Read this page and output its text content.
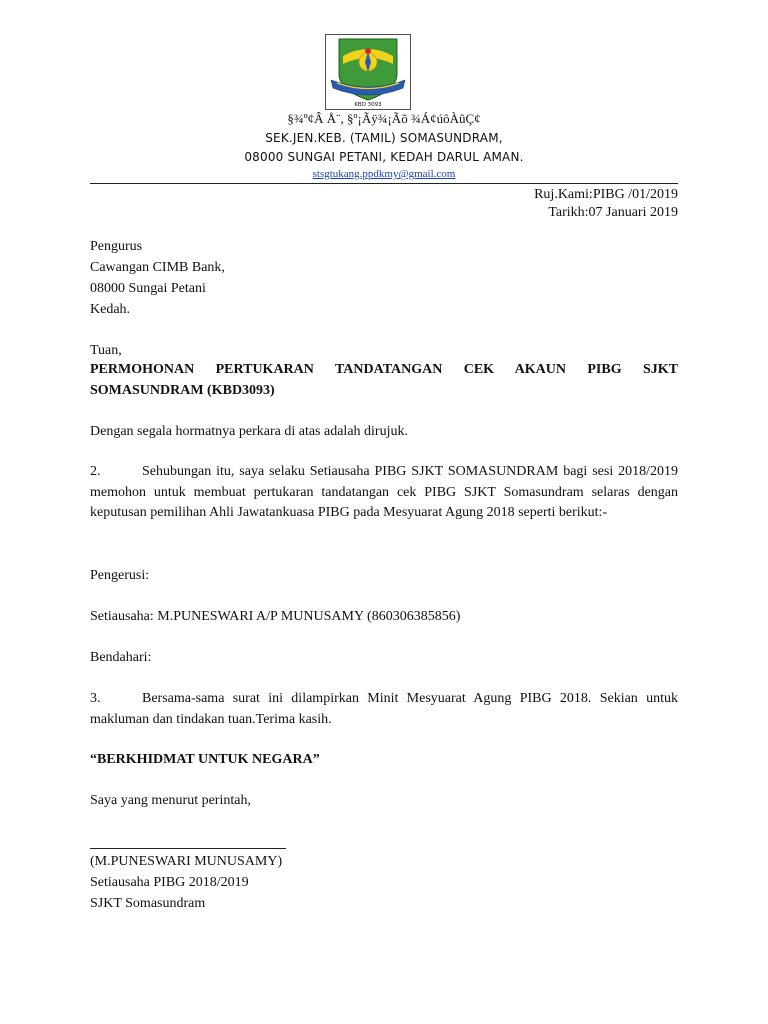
KBD 3093
§¾º¢Â Å¨, §º¡Ãÿ¾¡Ãõ ¾Á¢úôÀûÇ¢
SEK.JEN.KEB. (TAMIL) SOMASUNDRAM,
08000 SUNGAI PETANI, KEDAH DARUL AMAN.
stsgtukang.ppdkmy@gmail.com
Ruj.Kami:PIBG /01/2019
Tarikh:07 Januari 2019
Pengurus
Cawangan CIMB Bank,
08000 Sungai Petani
Kedah.
Tuan,
PERMOHONAN PERTUKARAN TANDATANGAN CEK AKAUN PIBG SJKT SOMASUNDRAM (KBD3093)
Dengan segala hormatnya perkara di atas adalah dirujuk.
2.	Sehubungan itu, saya selaku Setiausaha PIBG SJKT SOMASUNDRAM bagi sesi 2018/2019 memohon untuk membuat pertukaran tandatangan cek PIBG SJKT Somasundram selaras dengan keputusan pemilihan Ahli Jawatankuasa PIBG pada Mesyuarat Agung 2018 seperti berikut:-
Pengerusi:
Setiausaha: M.PUNESWARI A/P MUNUSAMY (860306385856)
Bendahari:
3.	Bersama-sama surat ini dilampirkan Minit Mesyuarat Agung PIBG 2018. Sekian untuk makluman dan tindakan tuan.Terima kasih.
“BERKHIDMAT UNTUK NEGARA”
Saya yang menurut perintah,
(M.PUNESWARI MUNUSAMY)
Setiausaha PIBG 2018/2019
SJKT Somasundram
